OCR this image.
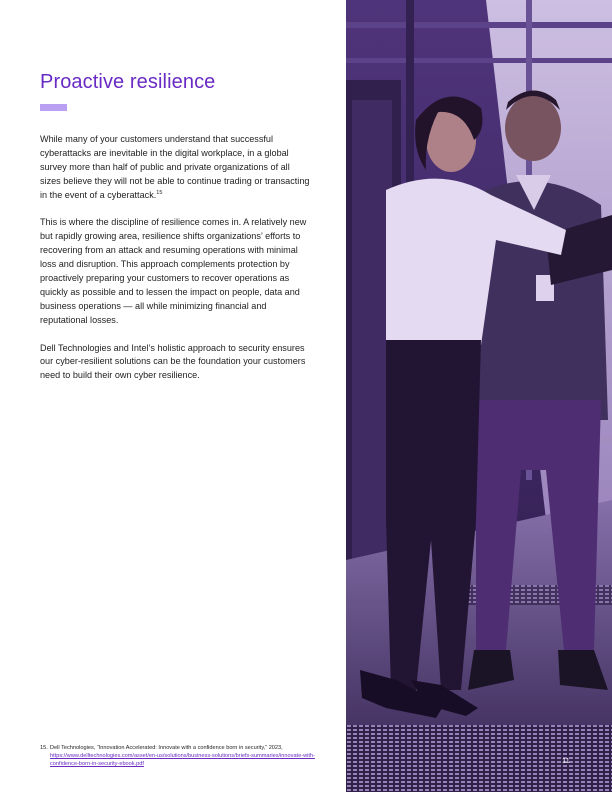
Proactive resilience

While many of your customers understand that successful cyberattacks are inevitable in the digital workplace, in a global survey more than half of public and private organizations of all sizes believe they will not be able to continue trading or transacting in the event of a cyberattack.$^{15}$

This is where the discipline of resilience comes in. A relatively new but rapidly growing area, resilience shifts organizations’ efforts to recovering from an attack and resuming operations with minimal loss and disruption. This approach complements protection by proactively preparing your customers to recover operations as quickly as possible and to lessen the impact on people, data and business operations — all while minimizing financial and reputational losses.

Dell Technologies and Intel’s holistic approach to security ensures our cyber-resilient solutions can be the foundation your customers need to build their own cyber resilience.

15. Dell Technologies, “Innovation Accelerated: Innovate with a confidence born in security,” 2023,
https://www.delltechnologies.com/asset/en-us/solutions/business-solutions/briefs-summaries/innovate-with-confidence-born-in-security-ebook.pdf	11
